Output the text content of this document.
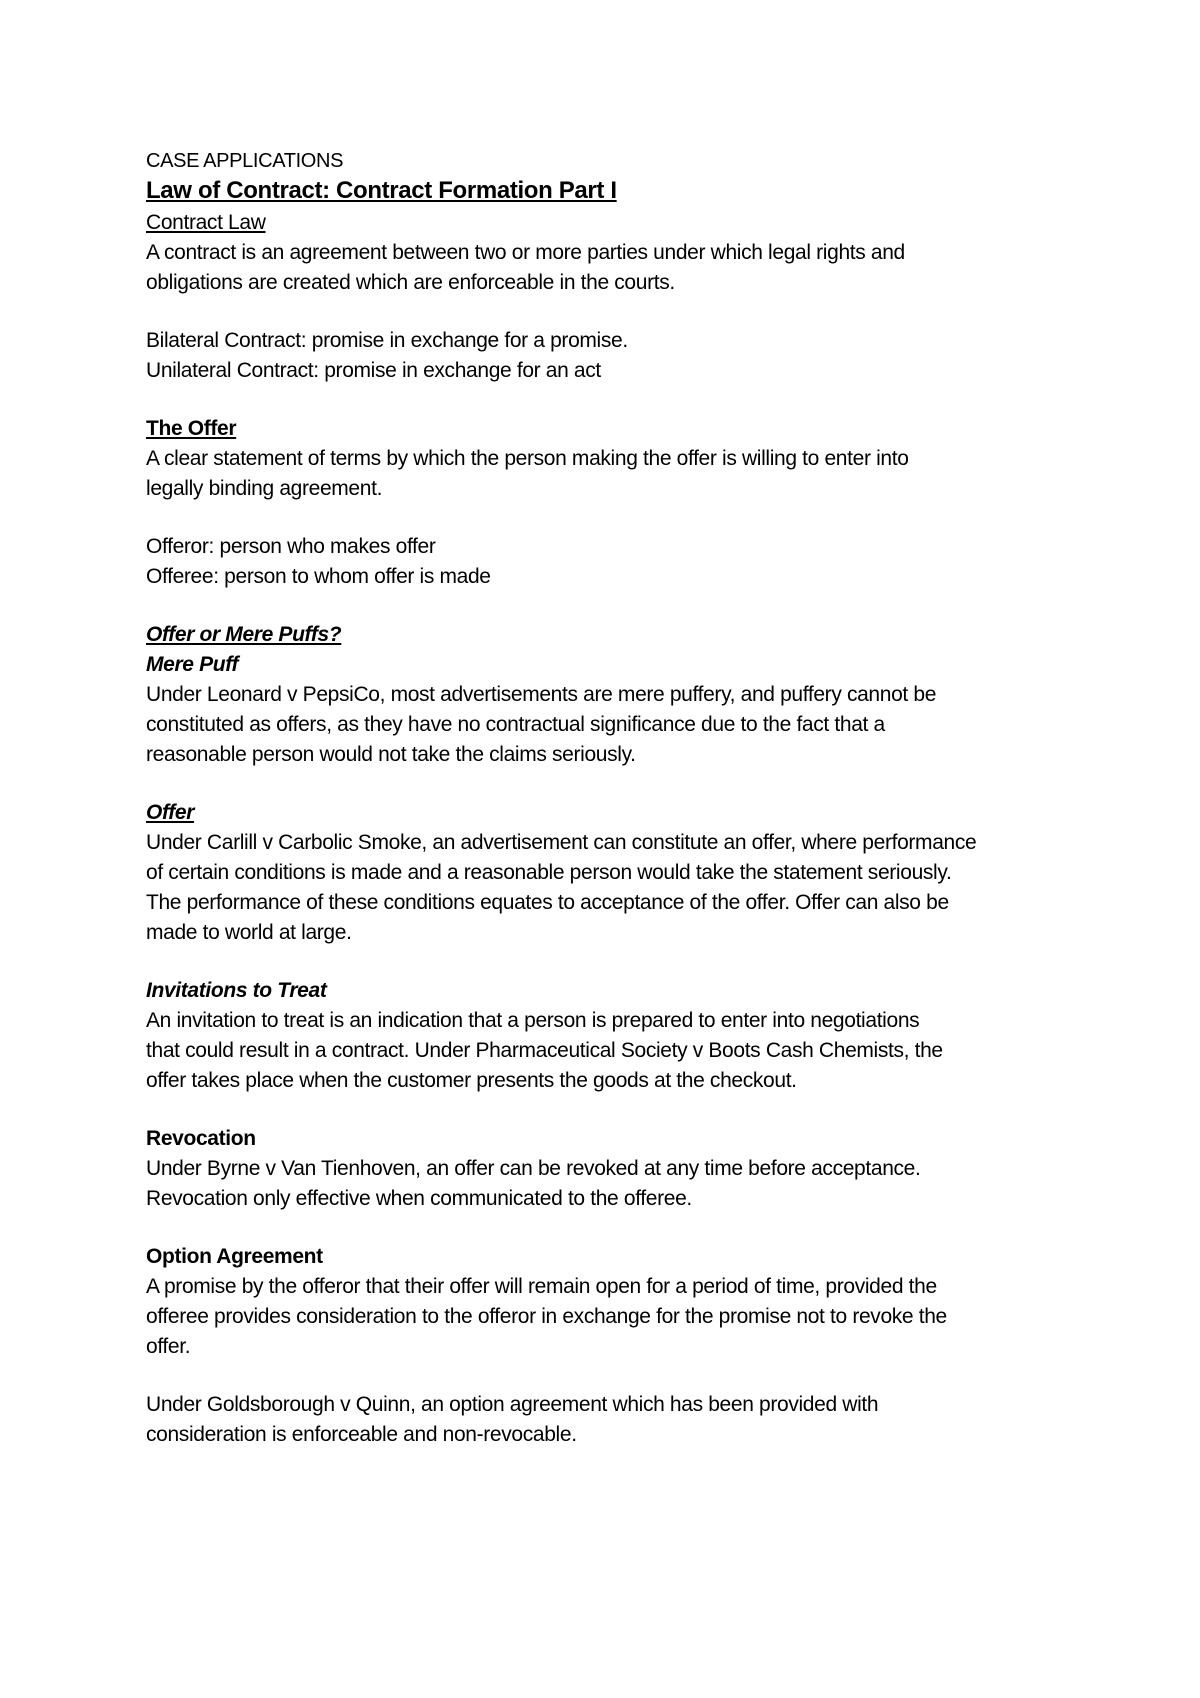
CASE APPLICATIONS
Law of Contract: Contract Formation Part I
Contract Law
A contract is an agreement between two or more parties under which legal rights and
obligations are created which are enforceable in the courts.
Bilateral Contract: promise in exchange for a promise.
Unilateral Contract: promise in exchange for an act
The Offer
A clear statement of terms by which the person making the offer is willing to enter into
legally binding agreement.
Offeror: person who makes offer
Offeree: person to whom offer is made
Offer or Mere Puffs?
Mere Puff
Under Leonard v PepsiCo, most advertisements are mere puffery, and puffery cannot be
constituted as offers, as they have no contractual significance due to the fact that a
reasonable person would not take the claims seriously.
Offer
Under Carlill v Carbolic Smoke, an advertisement can constitute an offer, where performance
of certain conditions is made and a reasonable person would take the statement seriously.
The performance of these conditions equates to acceptance of the offer. Offer can also be
made to world at large.
Invitations to Treat
An invitation to treat is an indication that a person is prepared to enter into negotiations
that could result in a contract. Under Pharmaceutical Society v Boots Cash Chemists, the
offer takes place when the customer presents the goods at the checkout.
Revocation
Under Byrne v Van Tienhoven, an offer can be revoked at any time before acceptance.
Revocation only effective when communicated to the offeree.
Option Agreement
A promise by the offeror that their offer will remain open for a period of time, provided the
offeree provides consideration to the offeror in exchange for the promise not to revoke the
offer.
Under Goldsborough v Quinn, an option agreement which has been provided with
consideration is enforceable and non-revocable.
